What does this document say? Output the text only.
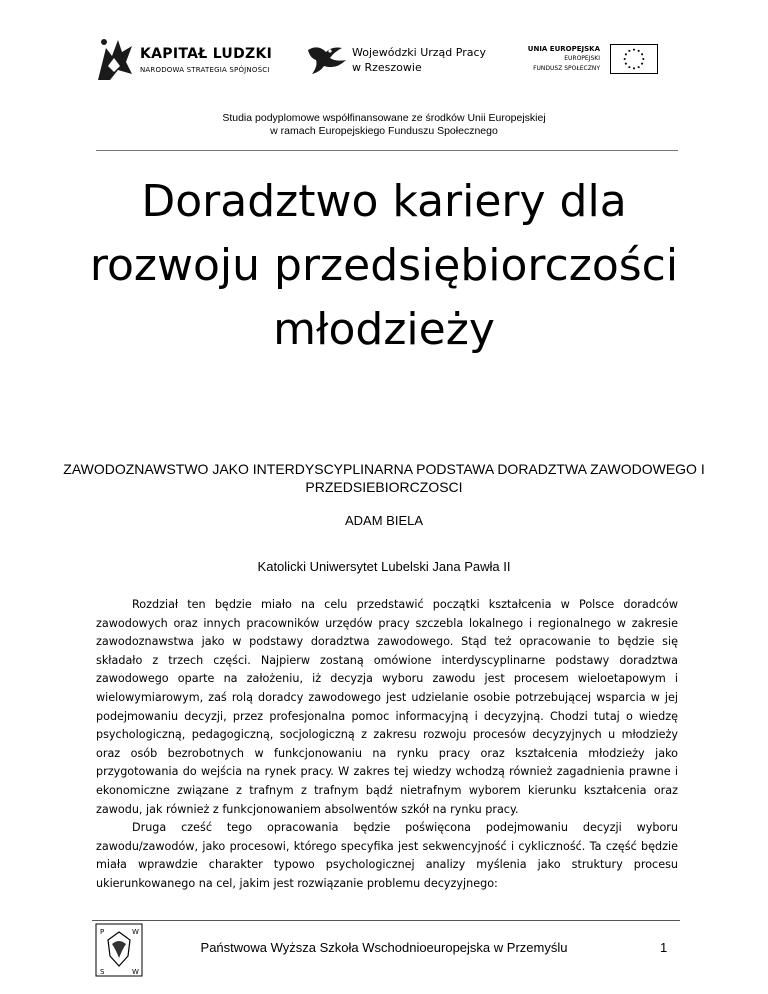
KAPITAŁ LUDZKI
NARODOWA STRATEGIA SPÓJNOŚCI
Wojewódzki Urząd Pracy
w Rzeszowie
UNIA EUROPEJSKA
EUROPEJSKI
FUNDUSZ SPOŁECZNY
Studia podyplomowe współfinansowane ze środków Unii Europejskiej
w ramach Europejskiego Funduszu Społecznego
Doradztwo kariery dla rozwoju przedsiębiorczości młodzieży
ZAWODOZNAWSTWO JAKO INTERDYSCYPLINARNA PODSTAWA DORADZTWA ZAWODOWEGO I PRZEDSIEBIORCZOSCI
ADAM BIELA
Katolicki Uniwersytet Lubelski Jana Pawła II

Rozdział ten będzie miało na celu przedstawić początki kształcenia w Polsce doradców zawodowych oraz innych pracowników urzędów pracy szczebla lokalnego i regionalnego w zakresie zawodoznawstwa jako w podstawy doradztwa zawodowego. Stąd też opracowanie to będzie się składało z trzech części. Najpierw zostaną omówione interdyscyplinarne podstawy doradztwa zawodowego oparte na założeniu, iż decyzja wyboru zawodu jest procesem wieloetapowym i wielowymiarowym, zaś rolą doradcy zawodowego jest udzielanie osobie potrzebującej wsparcia w jej podejmowaniu decyzji, przez profesjonalna pomoc informacyjną i decyzyjną. Chodzi tutaj o wiedzę psychologiczną, pedagogiczną, socjologiczną z zakresu rozwoju procesów decyzyjnych u młodzieży oraz osób bezrobotnych w funkcjonowaniu na rynku pracy oraz kształcenia młodzieży jako przygotowania do wejścia na rynek pracy. W zakres tej wiedzy wchodzą również zagadnienia prawne i ekonomiczne związane z trafnym z trafnym bądź nietrafnym wyborem kierunku kształcenia oraz zawodu, jak również z funkcjonowaniem absolwentów szkół na rynku pracy.

Druga cześć tego opracowania będzie poświęcona podejmowaniu decyzji wyboru zawodu/zawodów, jako procesowi, którego specyfika jest sekwencyjność i cykliczność. Ta część będzie miała wprawdzie charakter typowo psychologicznej analizy myślenia jako struktury procesu ukierunkowanego na cel, jakim jest rozwiązanie problemu decyzyjnego:

P	W
S	W
Państwowa Wyższa Szkoła Wschodnioeuropejska w Przemyślu	1
